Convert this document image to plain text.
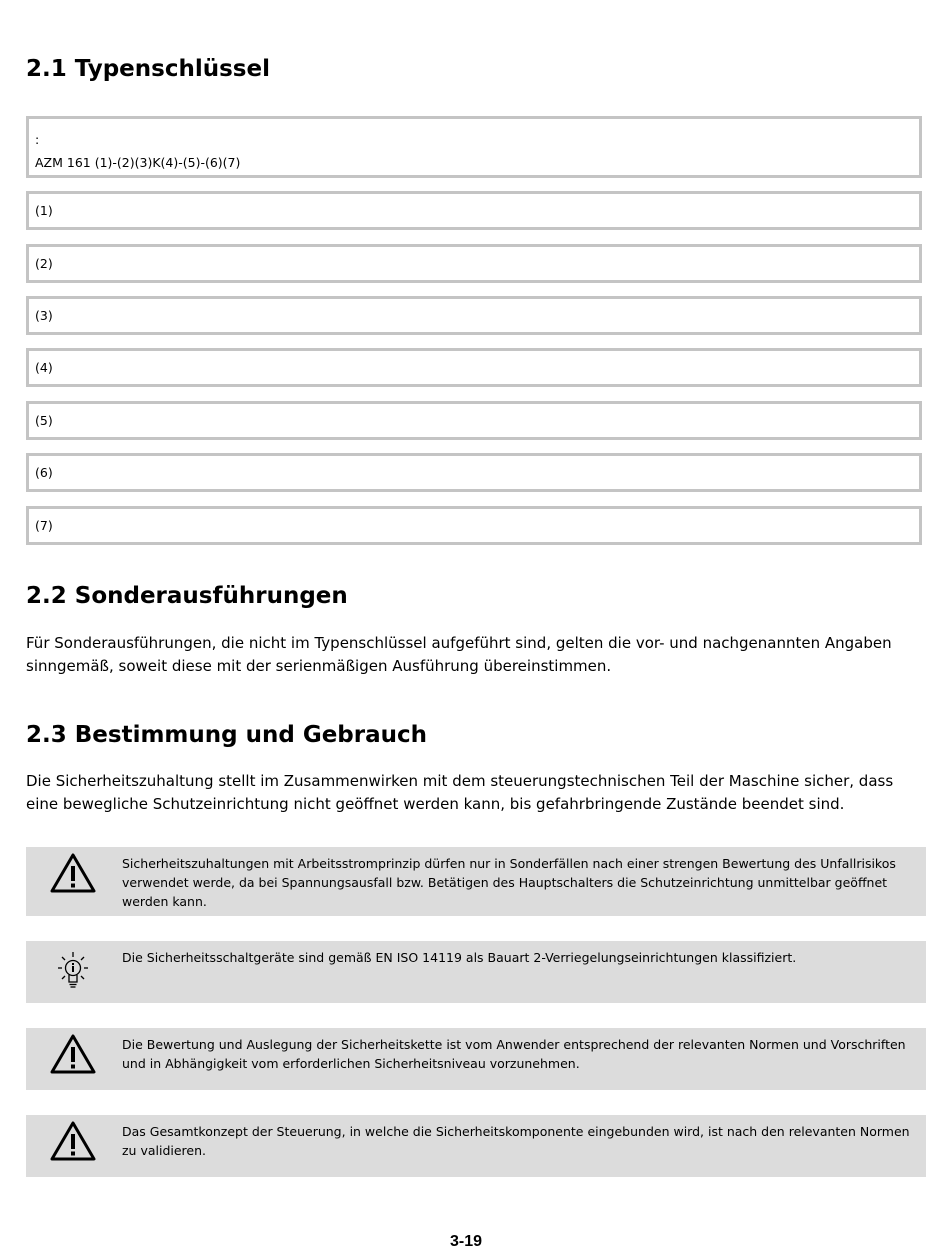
2.1 Typenschlüssel
:
AZM 161 (1)-(2)(3)K(4)-(5)-(6)(7)
(1)
(2)
(3)
(4)
(5)
(6)
(7)
2.2 Sonderausführungen

Für Sonderausführungen, die nicht im Typenschlüssel aufgeführt sind, gelten die vor- und nachgenannten Angaben
sinngemäß, soweit diese mit der serienmäßigen Ausführung übereinstimmen.

2.3 Bestimmung und Gebrauch

Die Sicherheitszuhaltung stellt im Zusammenwirken mit dem steuerungstechnischen Teil der Maschine sicher, dass
eine bewegliche Schutzeinrichtung nicht geöffnet werden kann, bis gefahrbringende Zustände beendet sind.

Sicherheitszuhaltungen mit Arbeitsstromprinzip dürfen nur in Sonderfällen nach einer strengen Bewertung des Unfallrisikos
verwendet werde, da bei Spannungsausfall bzw. Betätigen des Hauptschalters die Schutzeinrichtung unmittelbar geöffnet
werden kann.

Die Sicherheitsschaltgeräte sind gemäß EN ISO 14119 als Bauart 2-Verriegelungseinrichtungen klassifiziert.

Die Bewertung und Auslegung der Sicherheitskette ist vom Anwender entsprechend der relevanten Normen und Vorschriften
und in Abhängigkeit vom erforderlichen Sicherheitsniveau vorzunehmen.

Das Gesamtkonzept der Steuerung, in welche die Sicherheitskomponente eingebunden wird, ist nach den relevanten Normen
zu validieren.

3-19
